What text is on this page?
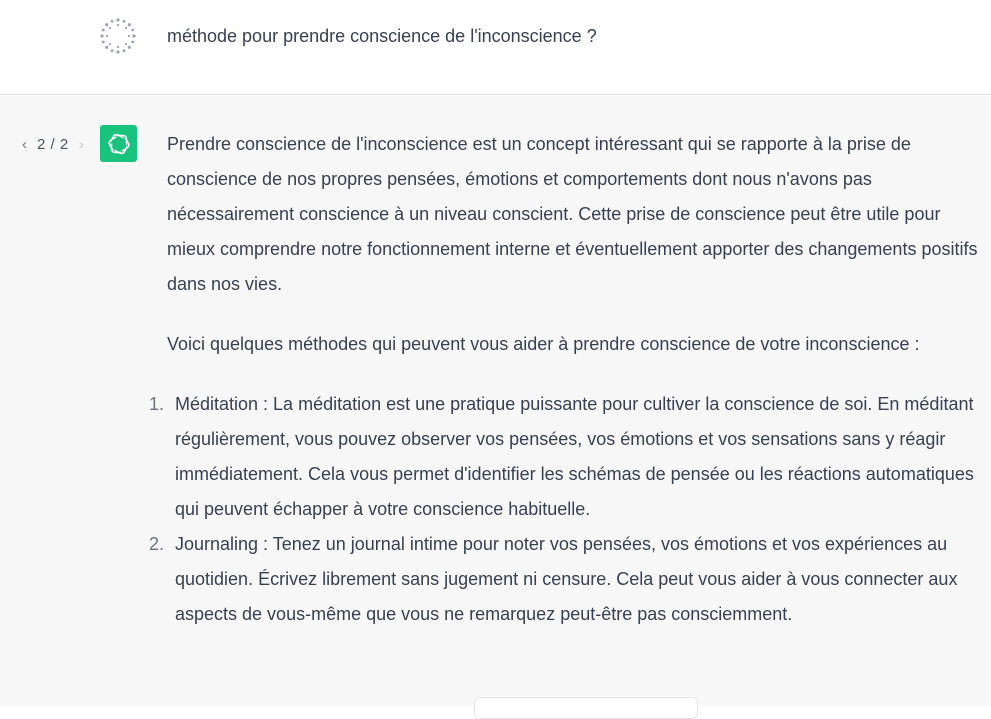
méthode pour prendre conscience de l'inconscience ?
‹ 2 / 2 ›	Prendre conscience de l'inconscience est un concept intéressant qui se rapporte à la prise de conscience de nos propres pensées, émotions et comportements dont nous n'avons pas nécessairement conscience à un niveau conscient. Cette prise de conscience peut être utile pour mieux comprendre notre fonctionnement interne et éventuellement apporter des changements positifs dans nos vies.

Voici quelques méthodes qui peuvent vous aider à prendre conscience de votre inconscience :

1. Méditation : La méditation est une pratique puissante pour cultiver la conscience de soi. En méditant régulièrement, vous pouvez observer vos pensées, vos émotions et vos sensations sans y réagir immédiatement. Cela vous permet d'identifier les schémas de pensée ou les réactions automatiques qui peuvent échapper à votre conscience habituelle.
2. Journaling : Tenez un journal intime pour noter vos pensées, vos émotions et vos expériences au quotidien. Écrivez librement sans jugement ni censure. Cela peut vous aider à vous connecter aux aspects de vous-même que vous ne remarquez peut-être pas consciemment.
